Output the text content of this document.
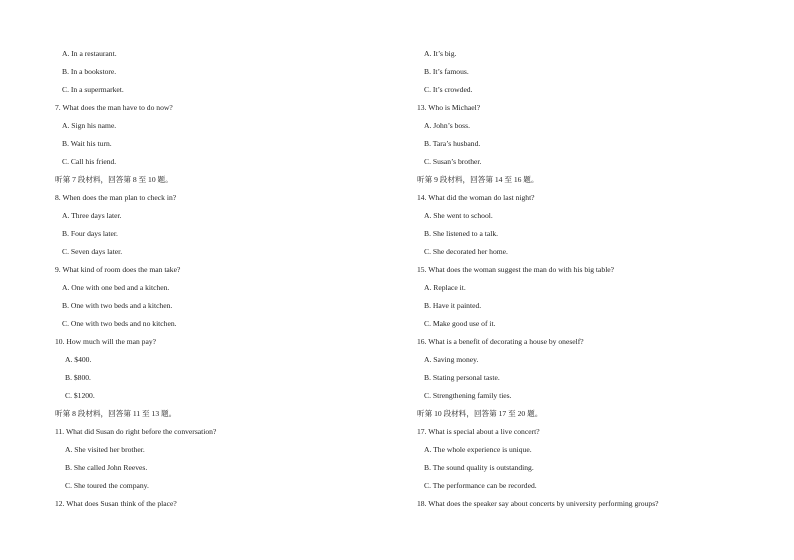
A. In a restaurant.
B. In a bookstore.
C. In a supermarket.
7. What does the man have to do now?
A. Sign his name.
B. Wait his turn.
C. Call his friend.
听第 7 段材料，回答第 8 至 10 题。
8. When does the man plan to check in?
A. Three days later.
B. Four days later.
C. Seven days later.
9. What kind of room does the man take?
A. One with one bed and a kitchen.
B. One with two beds and a kitchen.
C. One with two beds and no kitchen.
10. How much will the man pay?
A. $400.
B. $800.
C. $1200.
听第 8 段材料，回答第 11 至 13 题。
11. What did Susan do right before the conversation?
A. She visited her brother.
B. She called John Reeves.
C. She toured the company.
12. What does Susan think of the place?
A. It’s big.
B. It’s famous.
C. It’s crowded.
13. Who is Michael?
A. John’s boss.
B. Tara’s husband.
C. Susan’s brother.
听第 9 段材料，回答第 14 至 16 题。
14. What did the woman do last night?
A. She went to school.
B. She listened to a talk.
C. She decorated her home.
15. What does the woman suggest the man do with his big table?
A. Replace it.
B. Have it painted.
C. Make good use of it.
16. What is a benefit of decorating a house by oneself?
A. Saving money.
B. Stating personal taste.
C. Strengthening family ties.
听第 10 段材料，回答第 17 至 20 题。
17. What is special about a live concert?
A. The whole experience is unique.
B. The sound quality is outstanding.
C. The performance can be recorded.
18. What does the speaker say about concerts by university performing groups?
